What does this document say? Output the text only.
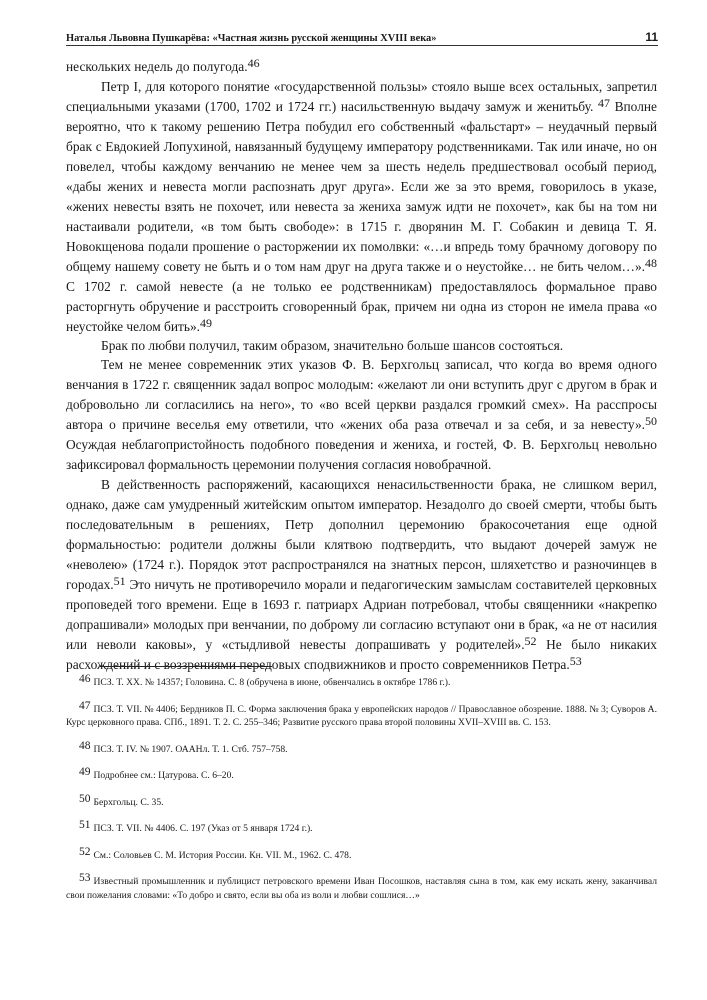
Наталья Львовна Пушкарёва: «Частная жизнь русской женщины XVIII века»	11

нескольких недель до полугода.$^{46}$

Петр I, для которого понятие «государственной пользы» стояло выше всех остальных, запретил специальными указами (1700, 1702 и 1724 гг.) насильственную выдачу замуж и женитьбу. $^{47}$ Вполне вероятно, что к такому решению Петра побудил его собственный «фальстарт» – неудачный первый брак с Евдокией Лопухиной, навязанный будущему императору родственниками. Так или иначе, но он повелел, чтобы каждому венчанию не менее чем за шесть недель предшествовал особый период, «дабы жених и невеста могли распознать друг друга». Если же за это время, говорилось в указе, «жених невесты взять не похочет, или невеста за жениха замуж идти не похочет», как бы на том ни настаивали родители, «в том быть свободе»: в 1715 г. дворянин М. Г. Собакин и девица Т. Я. Новокщенова подали прошение о расторжении их помолвки: «…и впредь тому брачному договору по общему нашему совету не быть и о том нам друг на друга также и о неустойке… не бить челом…».$^{48}$ С 1702 г. самой невесте (а не только ее родственникам) предоставлялось формальное право расторгнуть обручение и расстроить сговоренный брак, причем ни одна из сторон не имела права «о неустойке челом бить».$^{49}$

Брак по любви получил, таким образом, значительно больше шансов состояться.

Тем не менее современник этих указов Ф. В. Берхгольц записал, что когда во время одного венчания в 1722 г. священник задал вопрос молодым: «желают ли они вступить друг с другом в брак и добровольно ли согласились на него», то «во всей церкви раздался громкий смех». На расспросы автора о причине веселья ему ответили, что «жених оба раза отвечал и за себя, и за невесту».$^{50}$ Осуждая неблагопристойность подобного поведения и жениха, и гостей, Ф. В. Берхгольц невольно зафиксировал формальность церемонии получения согласия новобрачной.

В действенность распоряжений, касающихся ненасильственности брака, не слишком верил, однако, даже сам умудренный житейским опытом император. Незадолго до своей смерти, чтобы быть последовательным в решениях, Петр дополнил церемонию бракосочетания еще одной формальностью: родители должны были клятвою подтвердить, что выдают дочерей замуж не «неволею» (1724 г.). Порядок этот распространялся на знатных персон, шляхетство и разночинцев в городах.$^{51}$ Это ничуть не противоречило морали и педагогическим замыслам составителей церковных проповедей того времени. Еще в 1693 г. патриарх Адриан потребовал, чтобы священники «накрепко допрашивали» молодых при венчании, по доброму ли согласию вступают они в брак, «а не от насилия или неволи каковы», у «стыдливой невесты допрашивать у родителей».$^{52}$ Не было никаких расхождений и с воззрениями передовых сподвижников и просто современников Петра.$^{53}$

46 ПСЗ. Т. XX. № 14357; Головина. С. 8 (обручена в июне, обвенчались в октябре 1786 г.).

47 ПСЗ. Т. VII. № 4406; Бердников П. С. Форма заключения брака у европейских народов // Православное обозрение. 1888. № 3; Суворов А. Курс церковного права. СПб., 1891. Т. 2. С. 255–346; Развитие русского права второй половины XVII–XVIII вв. С. 153.

48 ПСЗ. Т. IV. № 1907. ОААНл. Т. 1. Стб. 757–758.

49 Подробнее см.: Цатурова. С. 6–20.

50 Берхгольц. С. 35.

51 ПСЗ. Т. VII. № 4406. С. 197 (Указ от 5 января 1724 г.).

52 См.: Соловьев С. М. История России. Кн. VII. М., 1962. С. 478.

53 Известный промышленник и публицист петровского времени Иван Посошков, наставляя сына в том, как ему искать жену, заканчивал свои пожелания словами: «То добро и свято, если вы оба из воли и любви сошлися…»
